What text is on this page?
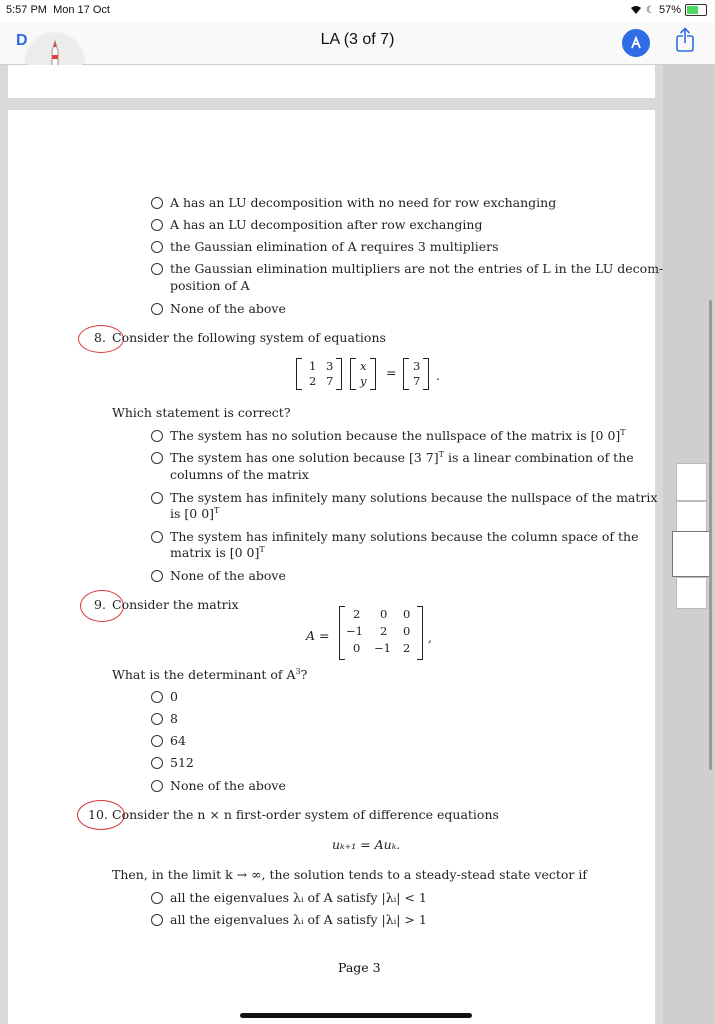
5:57 PM Mon 17 Oct	☾ 57%
D	LA (3 of 7)
A has an LU decomposition with no need for row exchanging
A has an LU decomposition after row exchanging
the Gaussian elimination of A requires 3 multipliers
the Gaussian elimination multipliers are not the entries of L in the LU decom-
position of A
None of the above
8. Consider the following system of equations
1 3
2 7
x
y
= 3
7 .
Which statement is correct?
The system has no solution because the nullspace of the matrix is [0 0]$^T$
The system has one solution because [3 7]$^T$ is a linear combination of the
columns of the matrix
The system has infinitely many solutions because the nullspace of the matrix
is [0 0]$^T$
The system has infinitely many solutions because the column space of the
matrix is [0 0]$^T$
None of the above
9. Consider the matrix
A =
2 0 0
−1 2 0
0 −1 2
,
What is the determinant of $A^3$?
0
8
64
512
None of the above
10. Consider the n × n first-order system of difference equations
uₖ₊₁ = Auₖ.
Then, in the limit k → ∞, the solution tends to a steady-stead state vector if
all the eigenvalues λᵢ of A satisfy |λᵢ| < 1
all the eigenvalues λᵢ of A satisfy |λᵢ| > 1
Page 3
